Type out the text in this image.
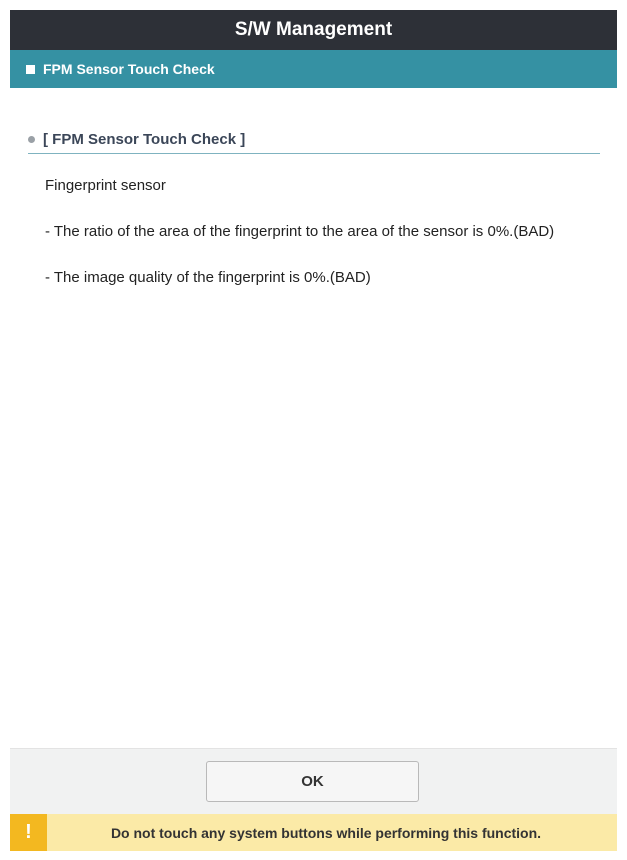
S/W Management
FPM Sensor Touch Check
[ FPM Sensor Touch Check ]
Fingerprint sensor
- The ratio of the area of the fingerprint to the area of the sensor is 0%.(BAD)
- The image quality of the fingerprint is 0%.(BAD)
OK
!	Do not touch any system buttons while performing this function.
